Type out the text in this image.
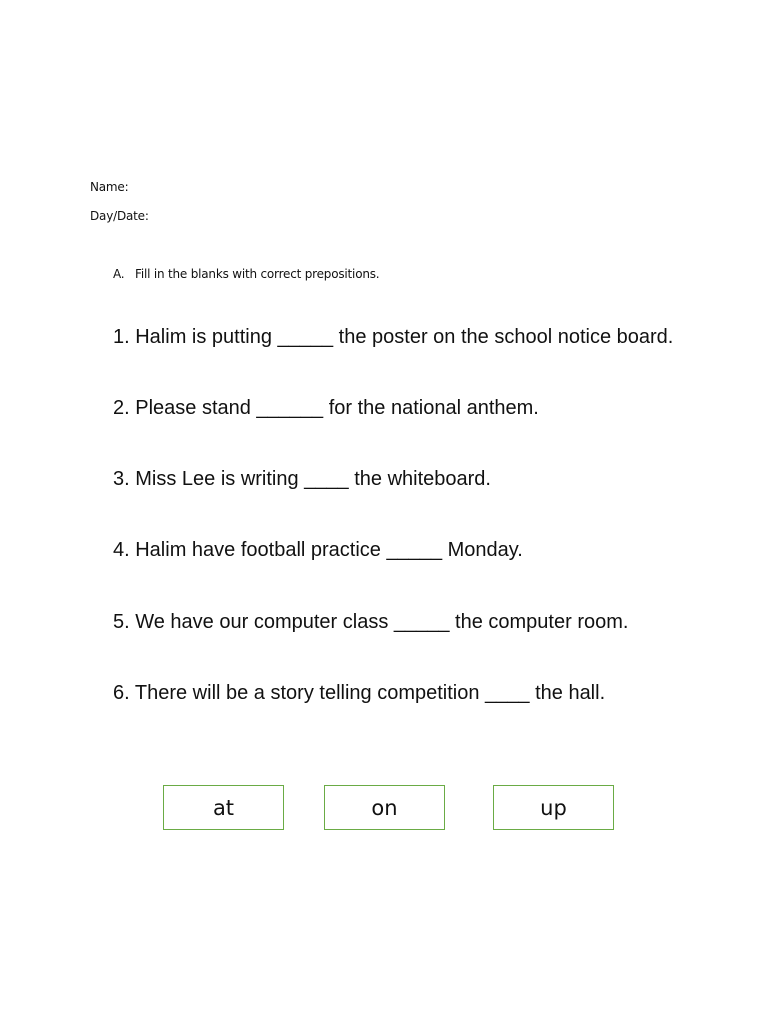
Name:
Day/Date:
A. Fill in the blanks with correct prepositions.
1. Halim is putting _____ the poster on the school notice board.
2. Please stand ______ for the national anthem.
3. Miss Lee is writing ____ the whiteboard.
4. Halim have football practice _____ Monday.
5. We have our computer class _____ the computer room.
6. There will be a story telling competition ____ the hall.
at	on	up
